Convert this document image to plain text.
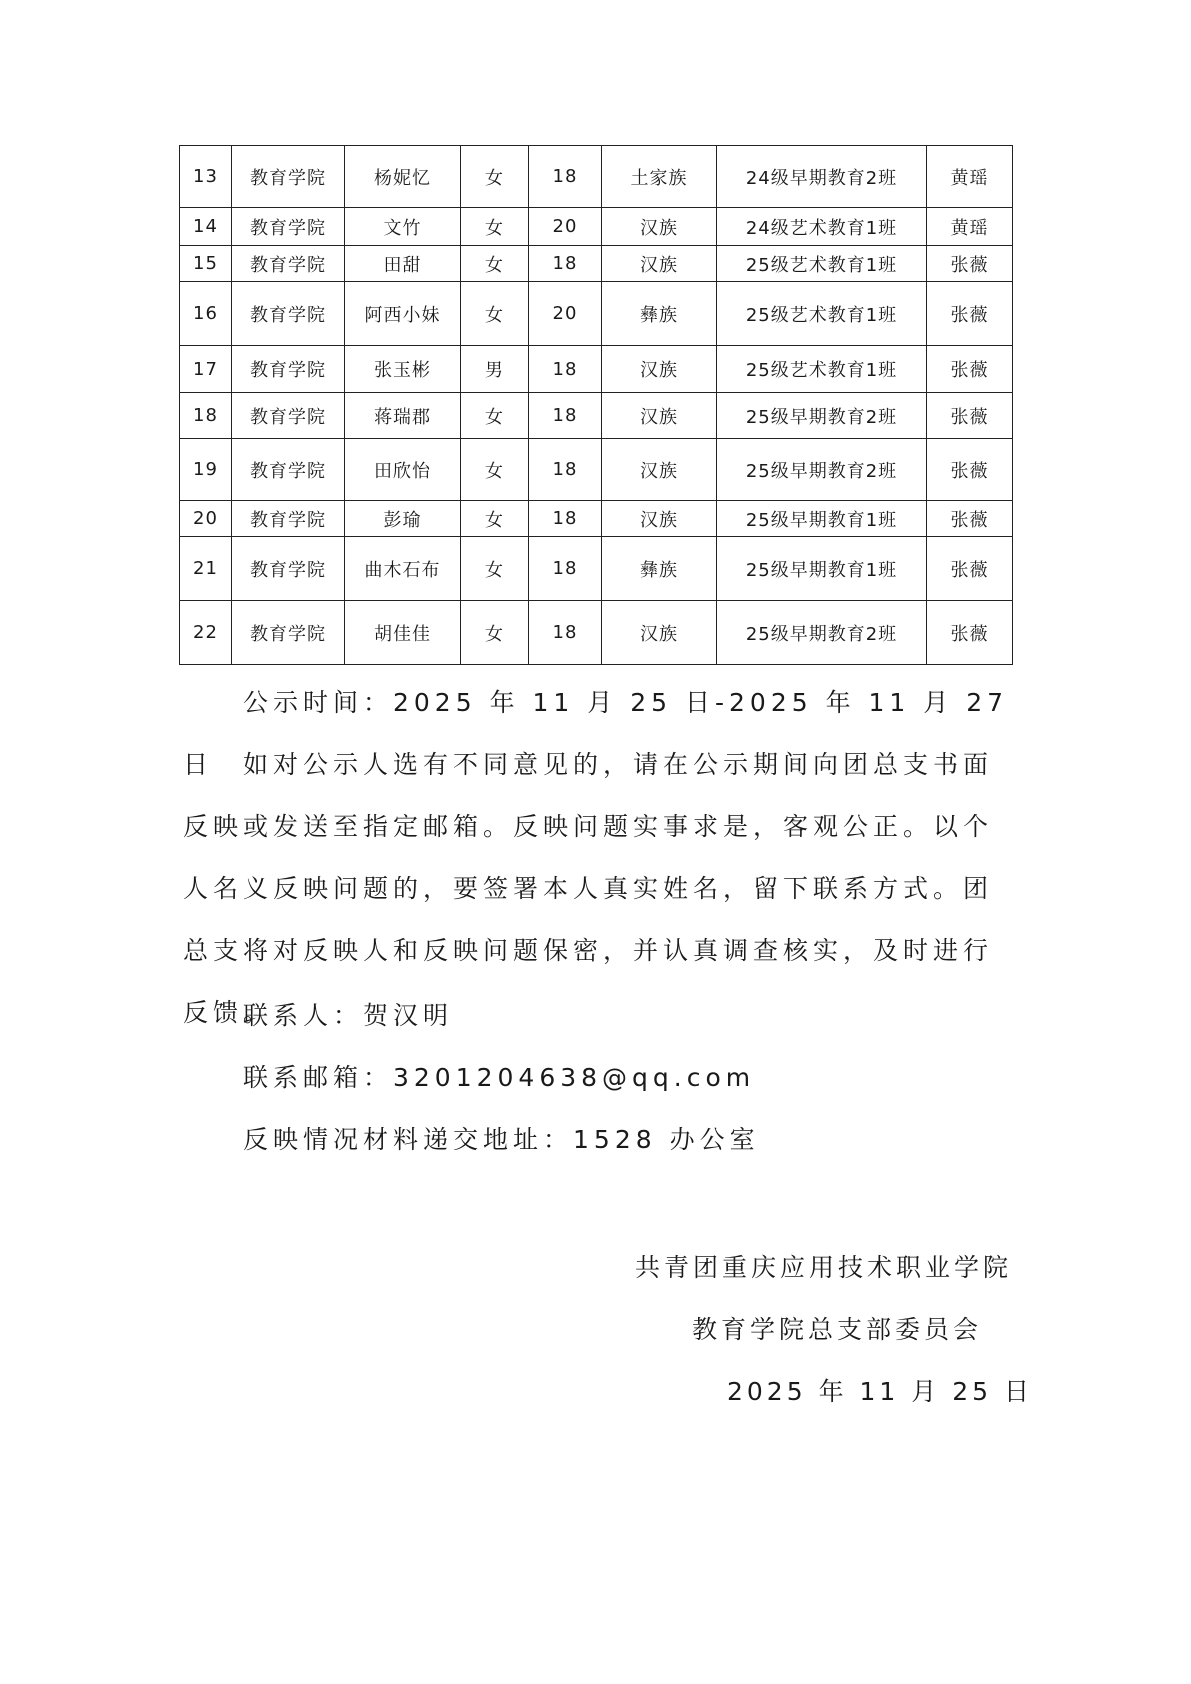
13	教育学院	杨妮忆	女	18	土家族	24级早期教育2班	黄瑶
14	教育学院	文竹	女	20	汉族	24级艺术教育1班	黄瑶
15	教育学院	田甜	女	18	汉族	25级艺术教育1班	张薇
16	教育学院	阿西小妹	女	20	彝族	25级艺术教育1班	张薇
17	教育学院	张玉彬	男	18	汉族	25级艺术教育1班	张薇
18	教育学院	蒋瑞郡	女	18	汉族	25级早期教育2班	张薇
19	教育学院	田欣怡	女	18	汉族	25级早期教育2班	张薇
20	教育学院	彭瑜	女	18	汉族	25级早期教育1班	张薇
21	教育学院	曲木石布	女	18	彝族	25级早期教育1班	张薇
22	教育学院	胡佳佳	女	18	汉族	25级早期教育2班	张薇

公示时间：2025 年 11 月 25 日-2025 年 11 月 27 日	如对公示人选有不同意见的，请在公示期间向团总支书面反映或发送至指定邮箱。反映问题实事求是，客观公正。以个人名义反映问题的，要签署本人真实姓名，留下联系方式。团总支将对反映人和反映问题保密，并认真调查核实，及时进行反馈。

联系人：贺汉明

联系邮箱：3201204638@qq.com

反映情况材料递交地址：1528 办公室

共青团重庆应用技术职业学院
教育学院总支部委员会
2025 年 11 月 25 日
